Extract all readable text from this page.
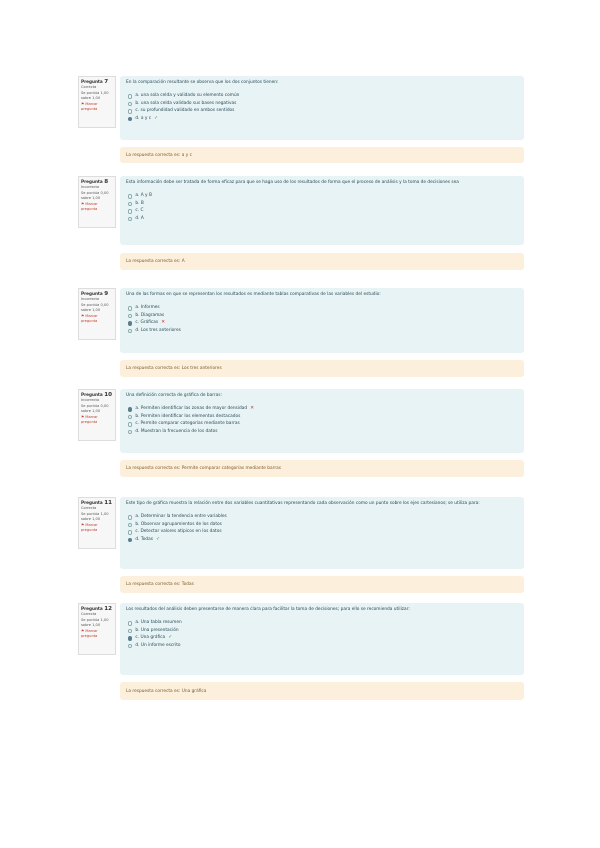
Pregunta 7
Correcta
Se puntúa 1,00
sobre 1,00
⚑ Marcar
pregunta
En la comparación resultante se observa que los dos conjuntos tienen:
a. una sola celda y validado su elemento común
b. una sola celda validado sus bases negativas
c. su profundidad validado en ambos sentidos
d. a y c ✓
La respuesta correcta es: a y c
Pregunta 8
Incorrecta
Se puntúa 0,00
sobre 1,00
⚑ Marcar
pregunta
Esta información debe ser tratada de forma eficaz para que se haga uso de los resultados de forma que el proceso de análisis y la toma de decisiones sea
a. A y B
b. B
c. C
d. A
La respuesta correcta es: A
Pregunta 9
Incorrecta
Se puntúa 0,00
sobre 1,00
⚑ Marcar
pregunta
Una de las formas en que se representan los resultados es mediante tablas comparativas de las variables del estudio:
a. Informes
b. Diagramas
c. Gráficas ✕
d. Los tres anteriores
La respuesta correcta es: Los tres anteriores
Pregunta 10
Incorrecta
Se puntúa 0,00
sobre 1,00
⚑ Marcar
pregunta
Una definición correcta de gráfica de barras:
a. Permiten identificar las zonas de mayor densidad ✕
b. Permiten identificar los elementos destacados
c. Permite comparar categorías mediante barras
d. Muestran la frecuencia de los datos
La respuesta correcta es: Permite comparar categorías mediante barras
Pregunta 11
Correcta
Se puntúa 1,00
sobre 1,00
⚑ Marcar
pregunta
Este tipo de gráfica muestra la relación entre dos variables cuantitativas representando cada observación como un punto sobre los ejes cartesianos; se utiliza para:
a. Determinar la tendencia entre variables
b. Observar agrupamientos de los datos
c. Detectar valores atípicos en los datos
d. Todas ✓
La respuesta correcta es: Todas
Pregunta 12
Correcta
Se puntúa 1,00
sobre 1,00
⚑ Marcar
pregunta
Los resultados del análisis deben presentarse de manera clara para facilitar la toma de decisiones; para ello se recomienda utilizar:
a. Una tabla resumen
b. Una presentación
c. Una gráfica ✓
d. Un informe escrito
La respuesta correcta es: Una gráfica
